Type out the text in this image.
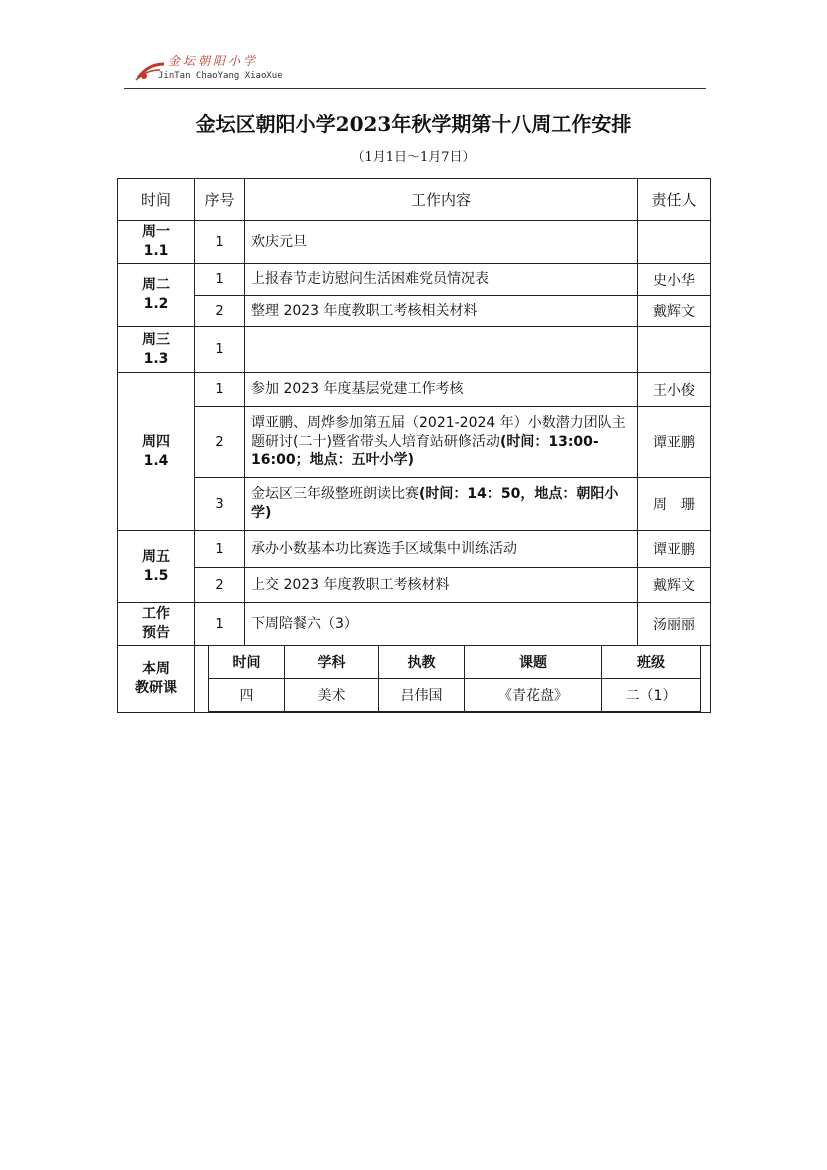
金坛朝阳小学
JinTan ChaoYang XiaoXue
金坛区朝阳小学2023年秋学期第十八周工作安排
（1月1日～1月7日）
时间	序号	工作内容	责任人

周一
1.1
	1	欢庆元旦	

周二
1.2
	1	上报春节走访慰问生活困难党员情况表	史小华
2	整理 2023 年度教职工考核相关材料	戴辉文

周三
1.3
	1		

周四
1.4
	1	参加 2023 年度基层党建工作考核	王小俊
2	谭亚鹏、周烨参加第五届（2021-2024 年）小数潜力团队主题研讨(二十)暨省带头人培育站研修活动(时间：13:00-16:00；地点：五叶小学)	谭亚鹏
3	金坛区三年级整班朗读比赛(时间：14：50，地点：朝阳小学)	周　珊

周五
1.5
	1	承办小数基本功比赛选手区域集中训练活动	谭亚鹏
2	上交 2023 年度教职工考核材料	戴辉文

工作
预告
	1	下周陪餐六（3）	汤丽丽

本周
教研课

时间	学科	执教	课题	班级
四	美术	吕伟国	《青花盘》	二（1）
